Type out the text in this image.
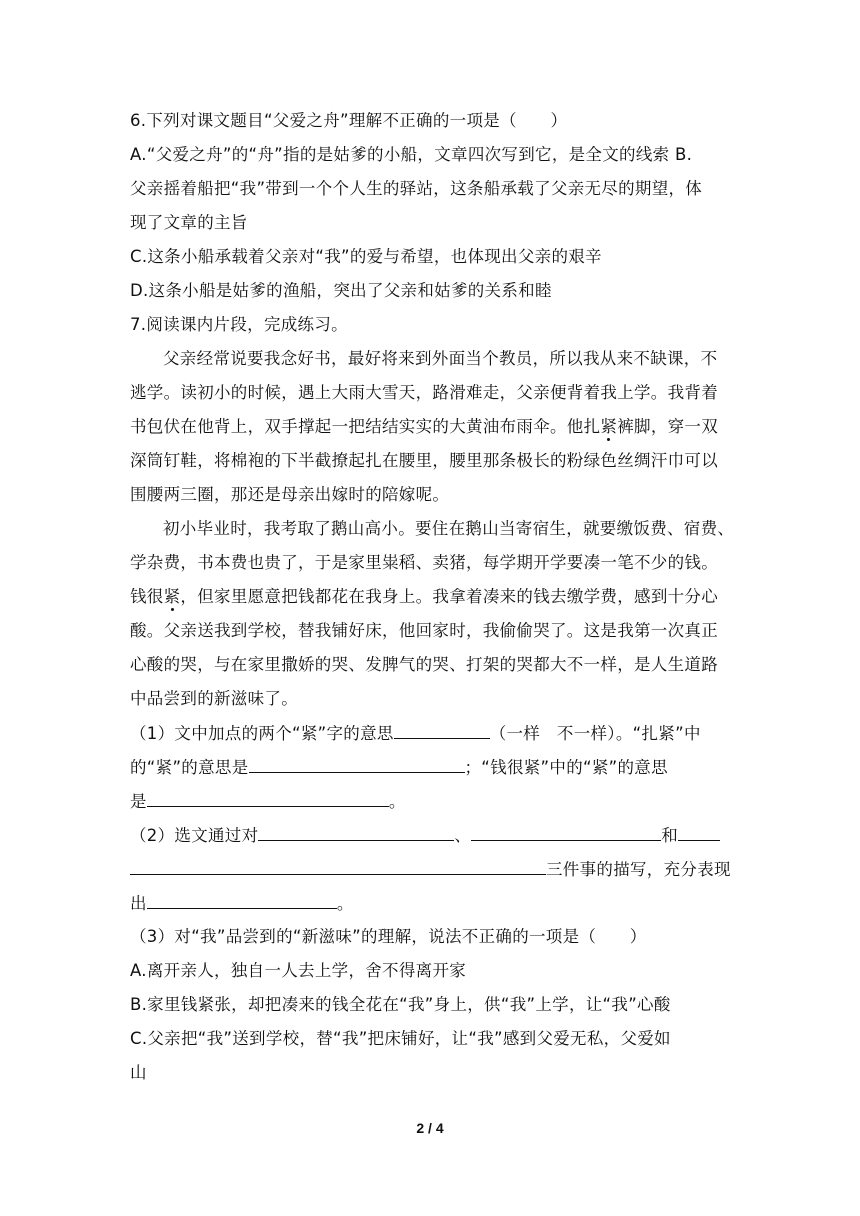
6.下列对课文题目“父爱之舟”理解不正确的一项是（　　）
A.“父爱之舟”的“舟”指的是姑爹的小船，文章四次写到它，是全文的线索 B.
父亲摇着船把“我”带到一个个人生的驿站，这条船承载了父亲无尽的期望，体
现了文章的主旨
C.这条小船承载着父亲对“我”的爱与希望，也体现出父亲的艰辛
D.这条小船是姑爹的渔船，突出了父亲和姑爹的关系和睦
7.阅读课内片段，完成练习。
父亲经常说要我念好书，最好将来到外面当个教员，所以我从来不缺课，不
逃学。读初小的时候，遇上大雨大雪天，路滑难走，父亲便背着我上学。我背着
书包伏在他背上，双手撑起一把结结实实的大黄油布雨伞。他扎紧裤脚，穿一双
深筒钉鞋，将棉袍的下半截撩起扎在腰里，腰里那条极长的粉绿色丝绸汗巾可以
围腰两三圈，那还是母亲出嫁时的陪嫁呢。
初小毕业时，我考取了鹅山高小。要住在鹅山当寄宿生，就要缴饭费、宿费、
学杂费，书本费也贵了，于是家里粜稻、卖猪，每学期开学要凑一笔不少的钱。
钱很紧，但家里愿意把钱都花在我身上。我拿着凑来的钱去缴学费，感到十分心
酸。父亲送我到学校，替我铺好床，他回家时，我偷偷哭了。这是我第一次真正
心酸的哭，与在家里撒娇的哭、发脾气的哭、打架的哭都大不一样，是人生道路
中品尝到的新滋味了。
（1）文中加点的两个“紧”字的意思	（一样　不一样）。“扎紧”中
的“紧”的意思是	；“钱很紧”中的“紧”的意思
是	。
（2）选文通过对	、	和
三件事的描写，充分表现
出	。
（3）对“我”品尝到的“新滋味”的理解，说法不正确的一项是（　　）
A.离开亲人，独自一人去上学，舍不得离开家
B.家里钱紧张，却把凑来的钱全花在“我”身上，供“我”上学，让“我”心酸
C.父亲把“我”送到学校，替“我”把床铺好，让“我”感到父爱无私，父爱如
山
2 / 4
